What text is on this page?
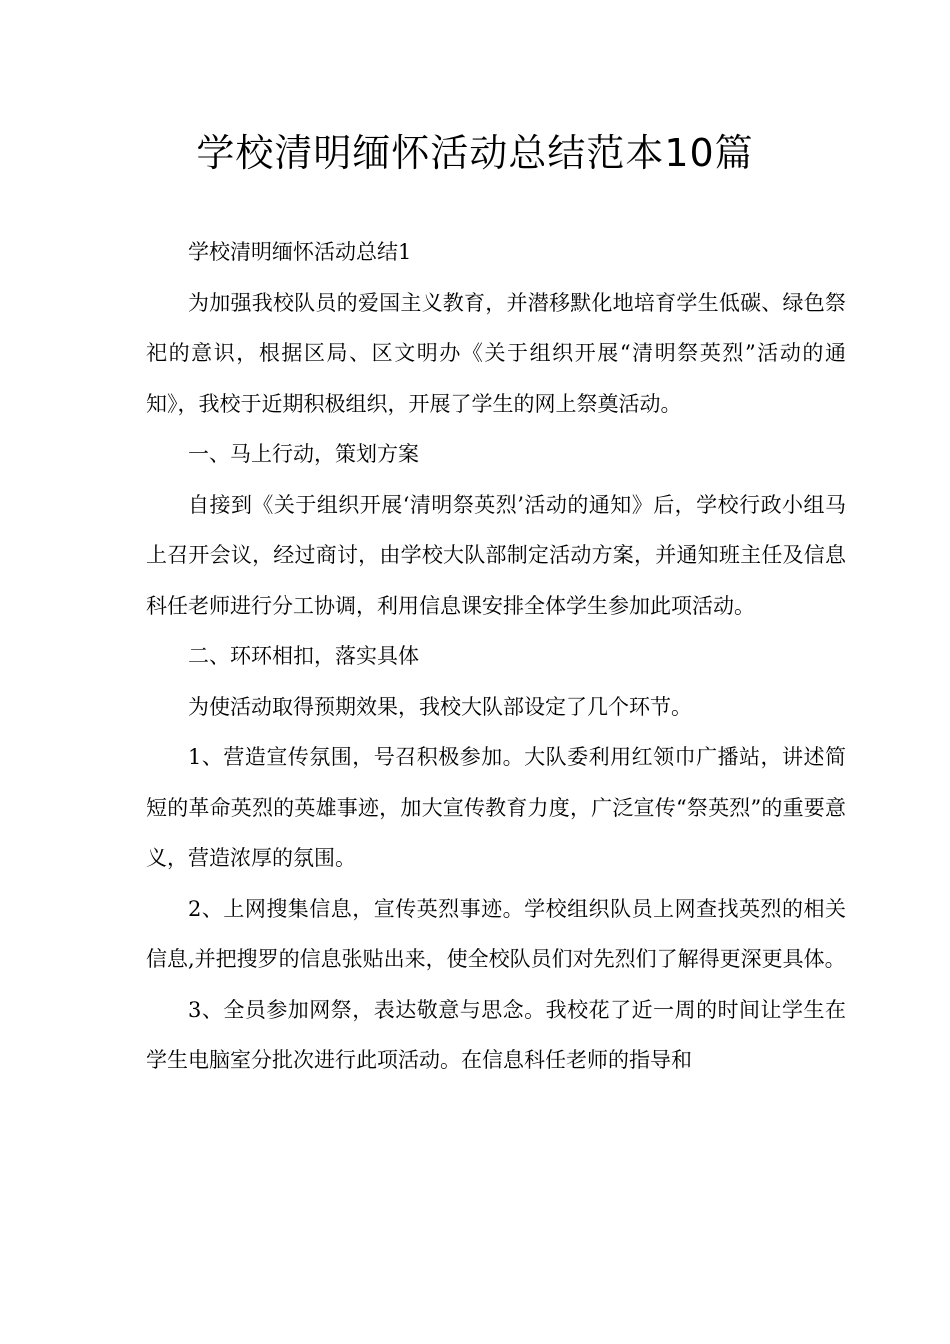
学校清明缅怀活动总结范本10篇

学校清明缅怀活动总结1

为加强我校队员的爱国主义教育，并潜移默化地培育学生低碳、绿色祭祀的意识，根据区局、区文明办《关于组织开展“清明祭英烈”活动的通知》，我校于近期积极组织，开展了学生的网上祭奠活动。

一、马上行动，策划方案

自接到《关于组织开展‘清明祭英烈’活动的通知》后，学校行政小组马上召开会议，经过商讨，由学校大队部制定活动方案，并通知班主任及信息科任老师进行分工协调，利用信息课安排全体学生参加此项活动。

二、环环相扣，落实具体

为使活动取得预期效果，我校大队部设定了几个环节。

1、营造宣传氛围，号召积极参加。大队委利用红领巾广播站，讲述简短的革命英烈的英雄事迹，加大宣传教育力度，广泛宣传“祭英烈”的重要意义，营造浓厚的氛围。

2、上网搜集信息，宣传英烈事迹。学校组织队员上网查找英烈的相关信息,并把搜罗的信息张贴出来，使全校队员们对先烈们了解得更深更具体。

3、全员参加网祭，表达敬意与思念。我校花了近一周的时间让学生在学生电脑室分批次进行此项活动。在信息科任老师的指导和
